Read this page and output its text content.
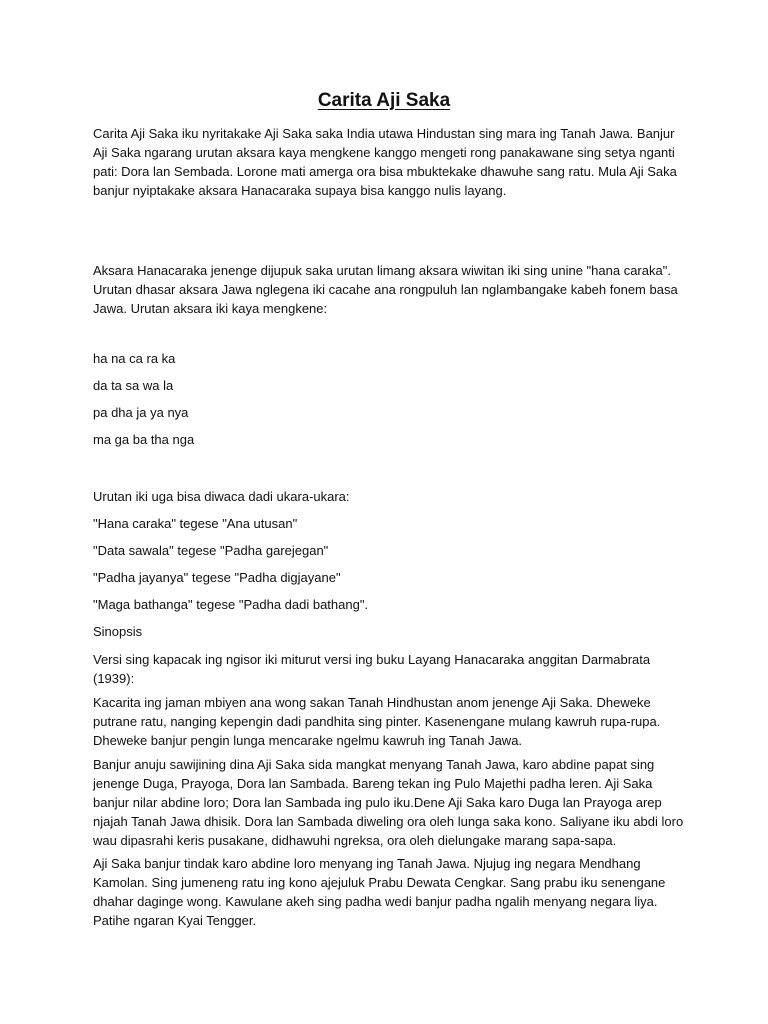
Carita Aji Saka
Carita Aji Saka iku nyritakake Aji Saka saka India utawa Hindustan sing mara ing Tanah Jawa. Banjur
Aji Saka ngarang urutan aksara kaya mengkene kanggo mengeti rong panakawane sing setya nganti
pati: Dora lan Sembada. Lorone mati amerga ora bisa mbuktekake dhawuhe sang ratu. Mula Aji Saka
banjur nyiptakake aksara Hanacaraka supaya bisa kanggo nulis layang.
Aksara Hanacaraka jenenge dijupuk saka urutan limang aksara wiwitan iki sing unine "hana caraka".
Urutan dhasar aksara Jawa nglegena iki cacahe ana rongpuluh lan nglambangake kabeh fonem basa
Jawa. Urutan aksara iki kaya mengkene:
ha na ca ra ka
da ta sa wa la
pa dha ja ya nya
ma ga ba tha nga
Urutan iki uga bisa diwaca dadi ukara-ukara:
"Hana caraka" tegese "Ana utusan"
"Data sawala" tegese "Padha garejegan"
"Padha jayanya" tegese "Padha digjayane"
"Maga bathanga" tegese "Padha dadi bathang".
Sinopsis
Versi sing kapacak ing ngisor iki miturut versi ing buku Layang Hanacaraka anggitan Darmabrata
(1939):
Kacarita ing jaman mbiyen ana wong sakan Tanah Hindhustan anom jenenge Aji Saka. Dheweke
putrane ratu, nanging kepengin dadi pandhita sing pinter. Kasenengane mulang kawruh rupa-rupa.
Dheweke banjur pengin lunga mencarake ngelmu kawruh ing Tanah Jawa.
Banjur anuju sawijining dina Aji Saka sida mangkat menyang Tanah Jawa, karo abdine papat sing
jenenge Duga, Prayoga, Dora lan Sambada. Bareng tekan ing Pulo Majethi padha leren. Aji Saka
banjur nilar abdine loro; Dora lan Sambada ing pulo iku.Dene Aji Saka karo Duga lan Prayoga arep
njajah Tanah Jawa dhisik. Dora lan Sambada diweling ora oleh lunga saka kono. Saliyane iku abdi loro
wau dipasrahi keris pusakane, didhawuhi ngreksa, ora oleh dielungake marang sapa-sapa.
Aji Saka banjur tindak karo abdine loro menyang ing Tanah Jawa. Njujug ing negara Mendhang
Kamolan. Sing jumeneng ratu ing kono ajejuluk Prabu Dewata Cengkar. Sang prabu iku senengane
dhahar daginge wong. Kawulane akeh sing padha wedi banjur padha ngalih menyang negara liya.
Patihe ngaran Kyai Tengger.
